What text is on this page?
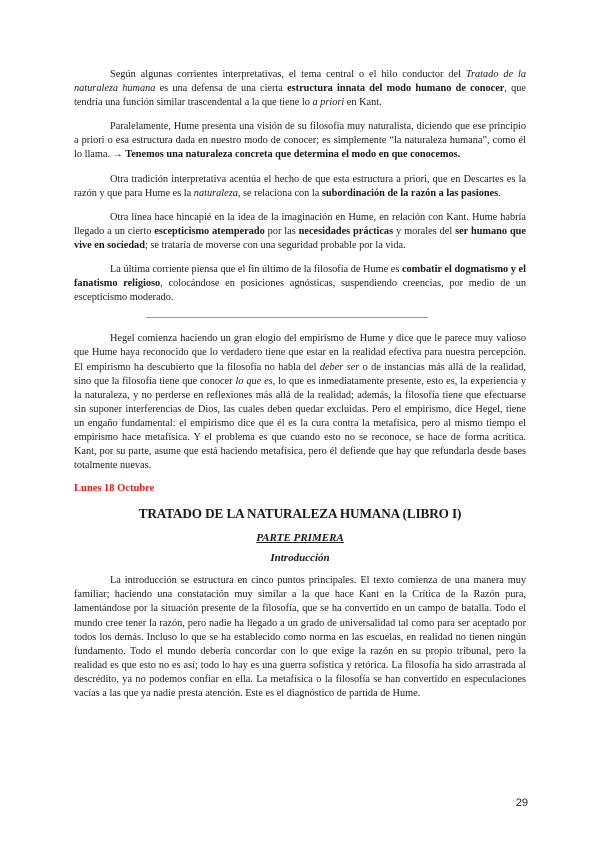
Según algunas corrientes interpretativas, el tema central o el hilo conductor del Tratado de la naturaleza humana es una defensa de una cierta estructura innata del modo humano de conocer, que tendría una función similar trascendental a la que tiene lo a priori en Kant.

Paralelamente, Hume presenta una visión de su filosofía muy naturalista, diciendo que ese principio a priori o esa estructura dada en nuestro modo de conocer; es simplemente “la naturaleza humana”, como él lo llama. → Tenemos una naturaleza concreta que determina el modo en que conocemos.

Otra tradición interpretativa acentúa el hecho de que esta estructura a priori, que en Descartes es la razón y que para Hume es la naturaleza, se relaciona con la subordinación de la razón a las pasiones.

Otra línea hace hincapié en la idea de la imaginación en Hume, en relación con Kant. Hume habría llegado a un cierto escepticismo atemperado por las necesidades prácticas y morales del ser humano que vive en sociedad; se trataría de moverse con una seguridad probable por la vida.

La última corriente piensa que el fin último de la filosofía de Hume es combatir el dogmatismo y el fanatismo religioso, colocándose en posiciones agnósticas, suspendiendo creencias, por medio de un escepticismo moderado.

Hegel comienza haciendo un gran elogio del empirismo de Hume y dice que le parece muy valioso que Hume haya reconocido que lo verdadero tiene que estar en la realidad efectiva para nuestra percepción. El empirismo ha descubierto que la filosofía no habla del deber ser o de instancias más allá de la realidad, sino que la filosofía tiene que conocer lo que es, lo que es inmediatamente presente, esto es, la experiencia y la naturaleza, y no perderse en reflexiones más allá de la realidad; además, la filosofía tiene que efectuarse sin suponer interferencias de Dios, las cuales deben quedar excluidas. Pero el empirismo, dice Hegel, tiene un engaño fundamental: el empirismo dice que él es la cura contra la metafísica, pero al mismo tiempo el empirismo hace metafísica. Y el problema es que cuando esto no se reconoce, se hace de forma acrítica. Kant, por su parte, asume que está haciendo metafísica, pero él defiende que hay que refundarla desde bases totalmente nuevas.

Lunes 18 Octubre
TRATADO DE LA NATURALEZA HUMANA (LIBRO I)
PARTE PRIMERA
Introducción

La introducción se estructura en cinco puntos principales. El texto comienza de una manera muy familiar; haciendo una constatación muy similar a la que hace Kant en la Crítica de la Razón pura, lamentándose por la situación presente de la filosofía, que se ha convertido en un campo de batalla. Todo el mundo cree tener la razón, pero nadie ha llegado a un grado de universalidad tal como para ser aceptado por todos los demás. Incluso lo que se ha establecido como norma en las escuelas, en realidad no tienen ningún fundamento. Todo el mundo debería concordar con lo que exige la razón en su propio tribunal, pero la realidad es que esto no es así; todo lo hay es una guerra sofística y retórica. La filosofía ha sido arrastrada al descrédito, ya no podemos confiar en ella. La metafísica o la filosofía se han convertido en especulaciones vacías a las que ya nadie presta atención. Este es el diagnóstico de partida de Hume.

29
